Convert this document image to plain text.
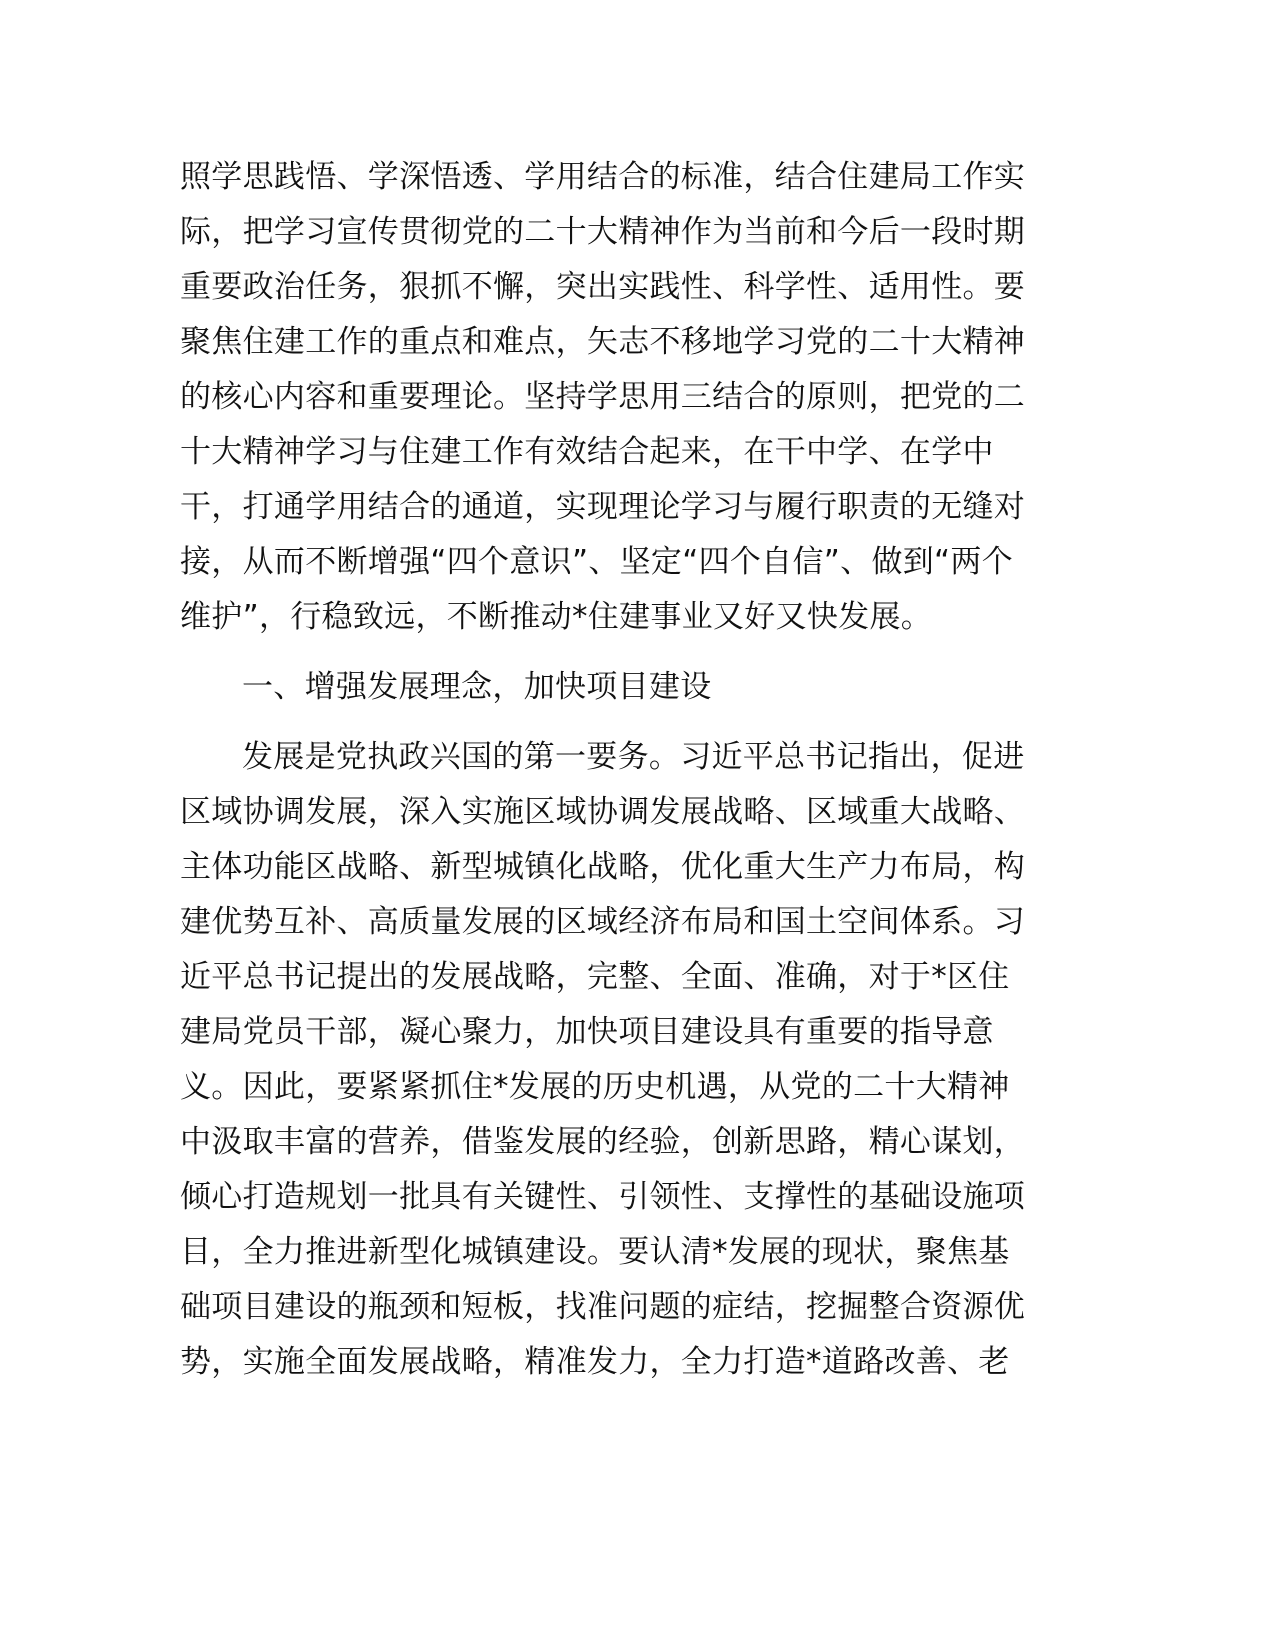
照学思践悟、学深悟透、学用结合的标准，结合住建局工作实
际，把学习宣传贯彻党的二十大精神作为当前和今后一段时期
重要政治任务，狠抓不懈，突出实践性、科学性、适用性。要
聚焦住建工作的重点和难点，矢志不移地学习党的二十大精神
的核心内容和重要理论。坚持学思用三结合的原则，把党的二
十大精神学习与住建工作有效结合起来，在干中学、在学中
干，打通学用结合的通道，实现理论学习与履行职责的无缝对
接，从而不断增强“四个意识”、坚定“四个自信”、做到“两个
维护”，行稳致远，不断推动*住建事业又好又快发展。
一、增强发展理念，加快项目建设
发展是党执政兴国的第一要务。习近平总书记指出，促进
区域协调发展，深入实施区域协调发展战略、区域重大战略、
主体功能区战略、新型城镇化战略，优化重大生产力布局，构
建优势互补、高质量发展的区域经济布局和国土空间体系。习
近平总书记提出的发展战略，完整、全面、准确，对于*区住
建局党员干部，凝心聚力，加快项目建设具有重要的指导意
义。因此，要紧紧抓住*发展的历史机遇，从党的二十大精神
中汲取丰富的营养，借鉴发展的经验，创新思路，精心谋划，
倾心打造规划一批具有关键性、引领性、支撑性的基础设施项
目，全力推进新型化城镇建设。要认清*发展的现状，聚焦基
础项目建设的瓶颈和短板，找准问题的症结，挖掘整合资源优
势，实施全面发展战略，精准发力，全力打造*道路改善、老
